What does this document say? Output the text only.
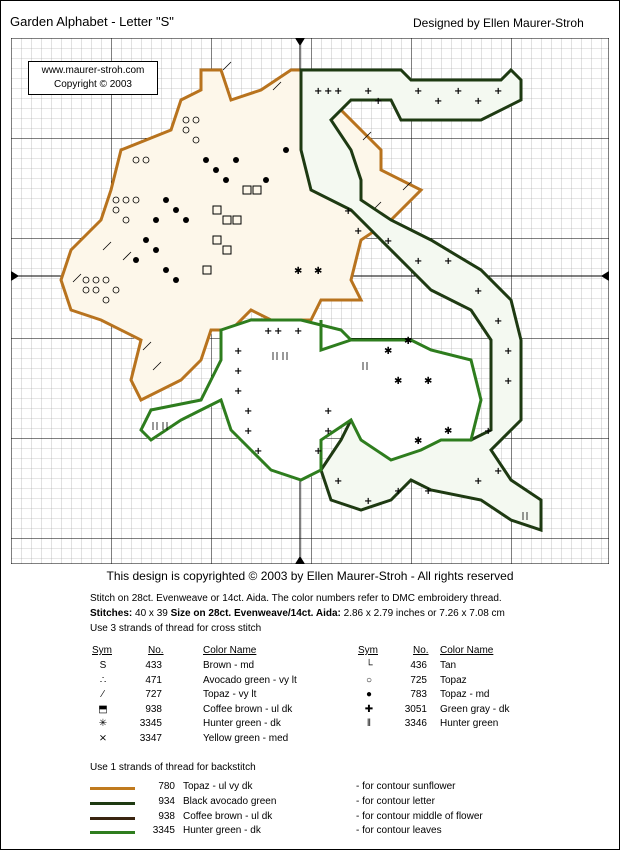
Garden Alphabet - Letter "S"	Designed by Ellen Maurer-Stroh
+ + + +
+
+
+
+
+
+
+
+
+
+ +
+
+
+
+
+
+
+
+
+
+
+
+
+
+
+
+
+
+ + +
+
+
+
✱
✱
✱ ✱
✱
✱
✱ ✱
www.maurer-stroh.com
Copyright © 2003
This design is copyrighted © 2003 by Ellen Maurer-Stroh - All rights reserved
Stitch on 28ct. Evenweave or 14ct. Aida. The color numbers refer to DMC embroidery thread.
Stitches: 40 x 39 Size on 28ct. Evenweave/14ct. Aida: 2.86 x 2.79 inches or 7.26 x 7.08 cm
Use 3 strands of thread for cross stitch
Sym	No.	Color Name	Sym	No. Color Name
S	433	Brown - md
∴	471	Avocado green - vy lt
∕	727	Topaz - vy lt
⬒	938	Coffee brown - ul dk
✳	3345	Hunter green - dk
⨯	3347	Yellow green - med
└	436 Tan
○	725 Topaz
●	783 Topaz - md
✚	3051 Green gray - dk
‖	3346 Hunter green
Use 1 strands of thread for backstitch
780 Topaz - ul vy dk	- for contour sunflower
934 Black avocado green	- for contour letter
938 Coffee brown - ul dk	- for contour middle of flower
3345 Hunter green - dk	- for contour leaves
